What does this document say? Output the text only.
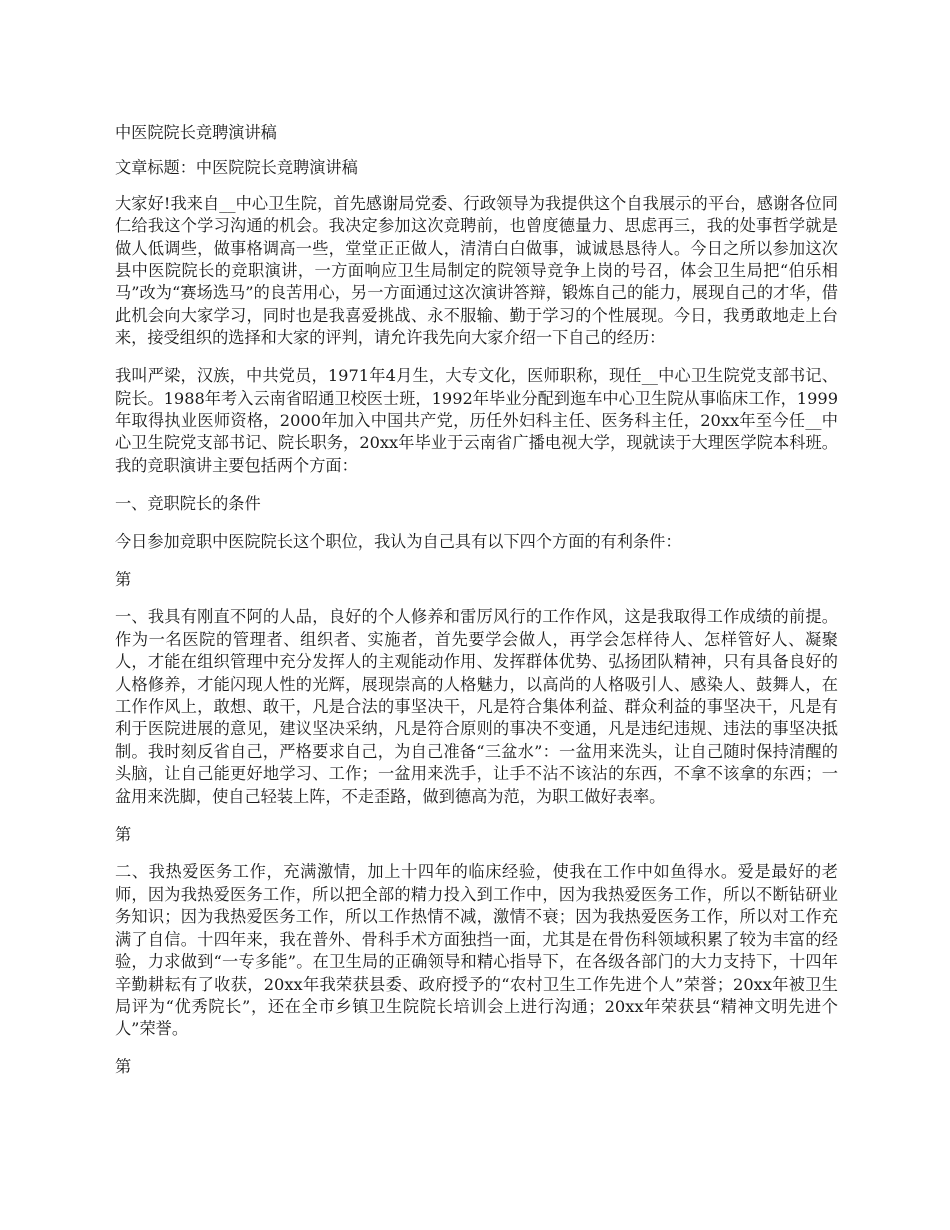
中医院院长竞聘演讲稿

文章标题：中医院院长竞聘演讲稿

大家好!我来自__中心卫生院，首先感谢局党委、行政领导为我提供这个自我展示的平台，感谢各位同仁给我这个学习沟通的机会。我决定参加这次竞聘前，也曾度德量力、思虑再三，我的处事哲学就是做人低调些，做事格调高一些，堂堂正正做人，清清白白做事，诚诚恳恳待人。今日之所以参加这次县中医院院长的竞职演讲，一方面响应卫生局制定的院领导竞争上岗的号召，体会卫生局把“伯乐相马”改为“赛场选马”的良苦用心，另一方面通过这次演讲答辩，锻炼自己的能力，展现自己的才华，借此机会向大家学习，同时也是我喜爱挑战、永不服输、勤于学习的个性展现。今日，我勇敢地走上台来，接受组织的选择和大家的评判，请允许我先向大家介绍一下自己的经历：

我叫严梁，汉族，中共党员，1971年4月生，大专文化，医师职称，现任__中心卫生院党支部书记、院长。1988年考入云南省昭通卫校医士班，1992年毕业分配到迤车中心卫生院从事临床工作，1999年取得执业医师资格，2000年加入中国共产党，历任外妇科主任、医务科主任，20xx年至今任__中心卫生院党支部书记、院长职务，20xx年毕业于云南省广播电视大学，现就读于大理医学院本科班。我的竞职演讲主要包括两个方面：

一、竞职院长的条件

今日参加竞职中医院院长这个职位，我认为自己具有以下四个方面的有利条件：

第

一、我具有刚直不阿的人品，良好的个人修养和雷厉风行的工作作风，这是我取得工作成绩的前提。作为一名医院的管理者、组织者、实施者，首先要学会做人，再学会怎样待人、怎样管好人、凝聚人，才能在组织管理中充分发挥人的主观能动作用、发挥群体优势、弘扬团队精神，只有具备良好的人格修养，才能闪现人性的光辉，展现崇高的人格魅力，以高尚的人格吸引人、感染人、鼓舞人，在工作作风上，敢想、敢干，凡是合法的事坚决干，凡是符合集体利益、群众利益的事坚决干，凡是有利于医院进展的意见，建议坚决采纳，凡是符合原则的事决不变通，凡是违纪违规、违法的事坚决抵制。我时刻反省自己，严格要求自己，为自己准备“三盆水”：一盆用来洗头，让自己随时保持清醒的头脑，让自己能更好地学习、工作；一盆用来洗手，让手不沾不该沾的东西，不拿不该拿的东西；一盆用来洗脚，使自己轻装上阵，不走歪路，做到德高为范，为职工做好表率。

第

二、我热爱医务工作，充满激情，加上十四年的临床经验，使我在工作中如鱼得水。爱是最好的老师，因为我热爱医务工作，所以把全部的精力投入到工作中，因为我热爱医务工作，所以不断钻研业务知识；因为我热爱医务工作，所以工作热情不减，激情不衰；因为我热爱医务工作，所以对工作充满了自信。十四年来，我在普外、骨科手术方面独挡一面，尤其是在骨伤科领域积累了较为丰富的经验，力求做到“一专多能”。在卫生局的正确领导和精心指导下，在各级各部门的大力支持下，十四年辛勤耕耘有了收获，20xx年我荣获县委、政府授予的“农村卫生工作先进个人”荣誉；20xx年被卫生局评为“优秀院长”，还在全市乡镇卫生院院长培训会上进行沟通；20xx年荣获县“精神文明先进个人”荣誉。

第
